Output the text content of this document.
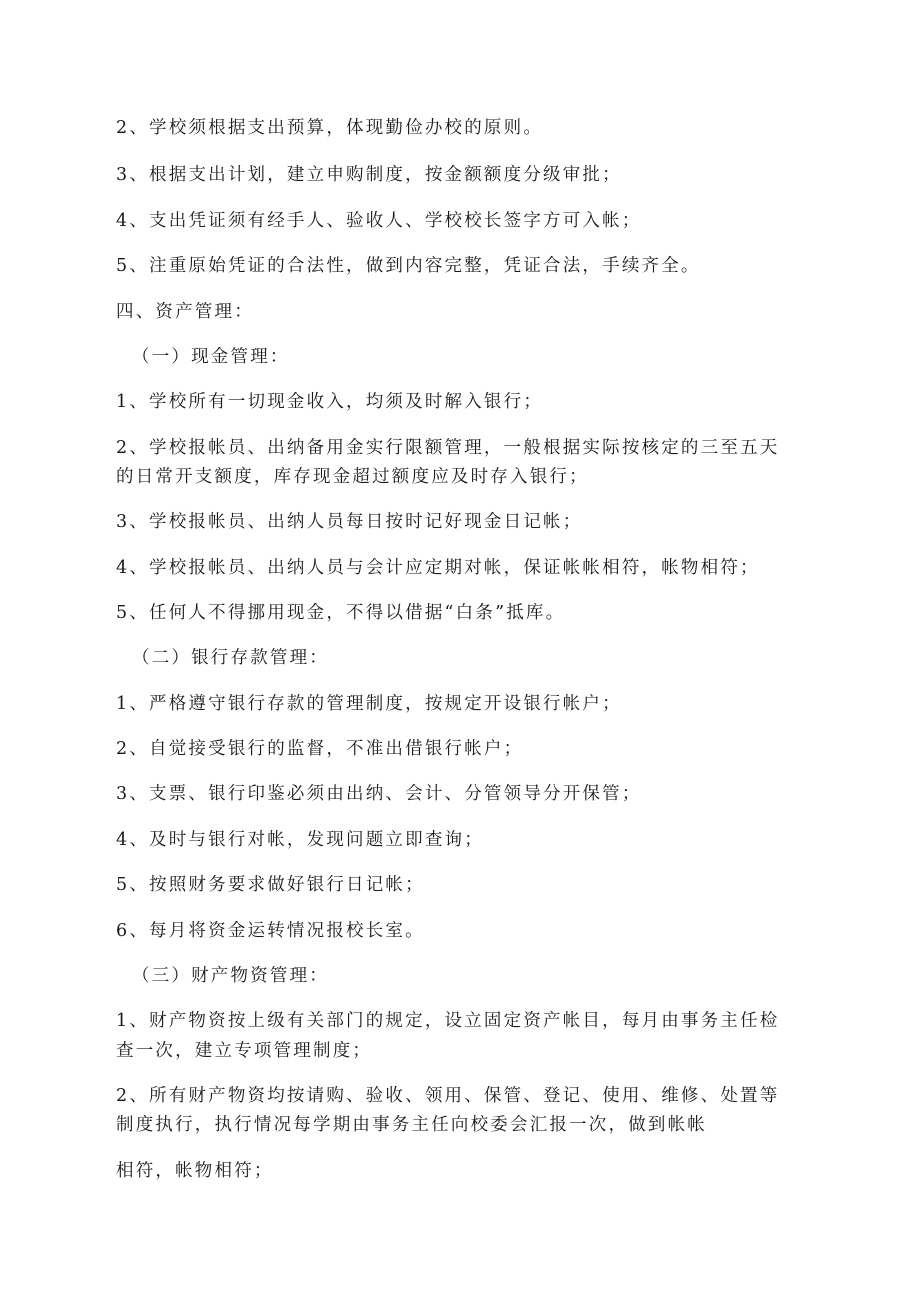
2、学校须根据支出预算，体现勤俭办校的原则。
3、根据支出计划，建立申购制度，按金额额度分级审批；
4、支出凭证须有经手人、验收人、学校校长签字方可入帐；
5、注重原始凭证的合法性，做到内容完整，凭证合法，手续齐全。
四、资产管理：
（一）现金管理：
1、学校所有一切现金收入，均须及时解入银行；
2、学校报帐员、出纳备用金实行限额管理，一般根据实际按核定的三至五天
的日常开支额度，库存现金超过额度应及时存入银行；
3、学校报帐员、出纳人员每日按时记好现金日记帐；
4、学校报帐员、出纳人员与会计应定期对帐，保证帐帐相符，帐物相符；
5、任何人不得挪用现金，不得以借据“白条”抵库。
（二）银行存款管理：
1、严格遵守银行存款的管理制度，按规定开设银行帐户；
2、自觉接受银行的监督，不准出借银行帐户；
3、支票、银行印鉴必须由出纳、会计、分管领导分开保管；
4、及时与银行对帐，发现问题立即查询；
5、按照财务要求做好银行日记帐；
6、每月将资金运转情况报校长室。
（三）财产物资管理：
1、财产物资按上级有关部门的规定，设立固定资产帐目，每月由事务主任检
查一次，建立专项管理制度；
2、所有财产物资均按请购、验收、领用、保管、登记、使用、维修、处置等
制度执行，执行情况每学期由事务主任向校委会汇报一次，做到帐帐
相符，帐物相符；
